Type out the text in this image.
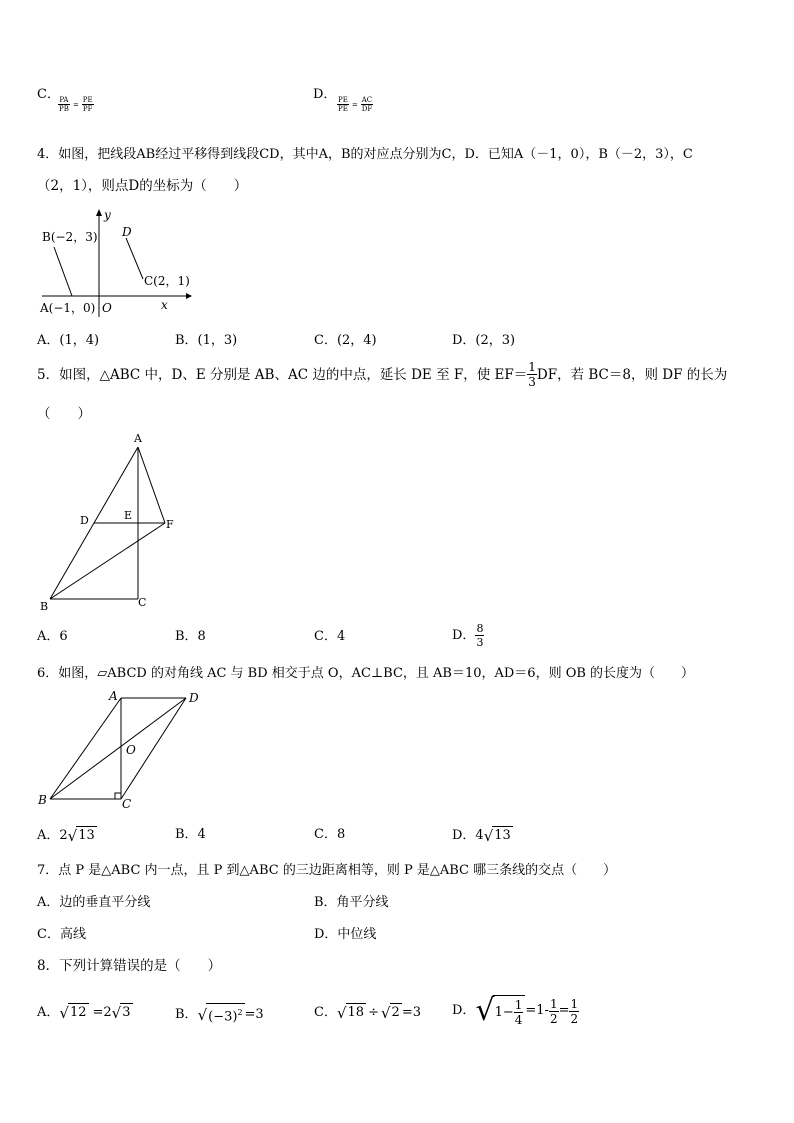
C．
$\frac{PA}{PB} = \frac{PE}{PF}$
D．
$\frac{PE}{PE} = \frac{AC}{DF}$
4．如图，把线段AB经过平移得到线段CD，其中A，B的对应点分别为C，D．已知A（－1，0），B（－2，3），C
（2，1），则点D的坐标为（　　）
B(−2，3) D
C(2，1)
A(−1，0) O	x
y
A．(1，4)	B．(1，3)	C．(2，4)	D．(2，3)
5．如图，△ABC 中，D、E 分别是 AB、AC 边的中点，延长 DE 至 F，使 $EF= \frac{1}{3}$ DF，若 BC＝8，则 DF 的长为
（　　）
A
D	E
F
B	C
A．6	B．8	C．4	D． $\frac{8}{3}$
6．如图，▱ABCD 的对角线 AC 与 BD 相交于点 O，AC⊥BC，且 AB＝10，AD＝6，则 OB 的长度为（　　）
A	D
O
B	C
A．2 √ 13	B．4	C．8	D．4 √ 13
7．点 P 是△ABC 内一点，且 P 到△ABC 的三边距离相等，则 P 是△ABC 哪三条线的交点（　　）
A．边的垂直平分线	B．角平分线
C．高线	D．中位线
8．下列计算错误的是（　　）
A． √ 12 =2 √ 3	B． √ $(-3)^2 =3$	C． √ 18 ÷ √ 2 =3 D． √ $1- \frac{1}{4} =1- \frac{1}{2} = \frac{1}{2}$
